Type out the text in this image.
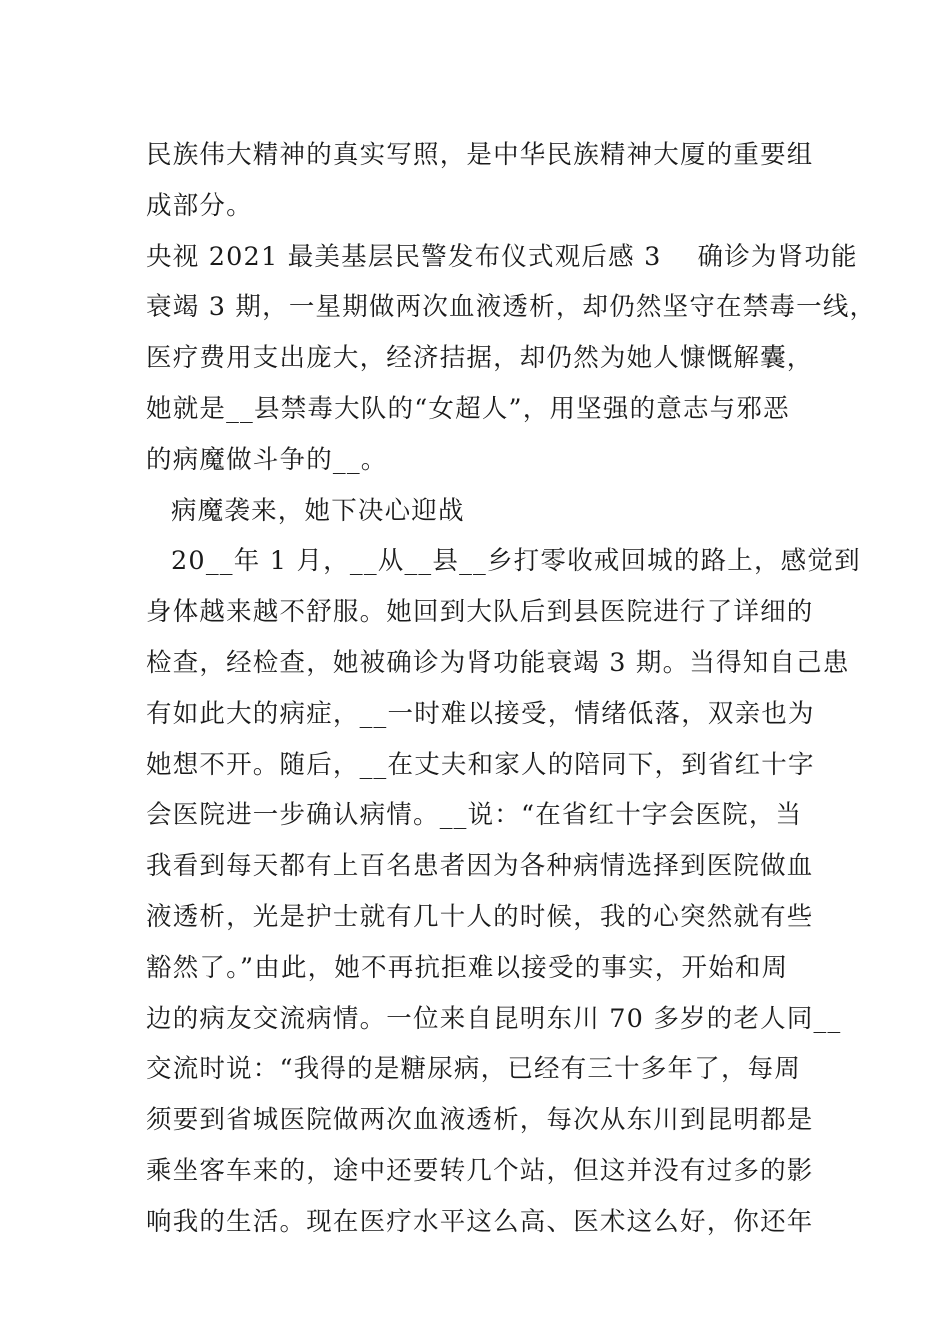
民族伟大精神的真实写照，是中华民族精神大厦的重要组
成部分。
央视 2021 最美基层民警发布仪式观后感 3　 确诊为肾功能
衰竭 3 期，一星期做两次血液透析，却仍然坚守在禁毒一线，
医疗费用支出庞大，经济拮据，却仍然为她人慷慨解囊，
她就是__县禁毒大队的“女超人”，用坚强的意志与邪恶
的病魔做斗争的__。
病魔袭来，她下决心迎战
20__年 1 月，__从__县__乡打零收戒回城的路上，感觉到
身体越来越不舒服。她回到大队后到县医院进行了详细的
检查，经检查，她被确诊为肾功能衰竭 3 期。当得知自己患
有如此大的病症，__一时难以接受，情绪低落，双亲也为
她想不开。随后，__在丈夫和家人的陪同下，到省红十字
会医院进一步确认病情。__说：“在省红十字会医院，当
我看到每天都有上百名患者因为各种病情选择到医院做血
液透析，光是护士就有几十人的时候，我的心突然就有些
豁然了。”由此，她不再抗拒难以接受的事实，开始和周
边的病友交流病情。一位来自昆明东川 70 多岁的老人同__
交流时说：“我得的是糖尿病，已经有三十多年了，每周
须要到省城医院做两次血液透析，每次从东川到昆明都是
乘坐客车来的，途中还要转几个站，但这并没有过多的影
响我的生活。现在医疗水平这么高、医术这么好，你还年
